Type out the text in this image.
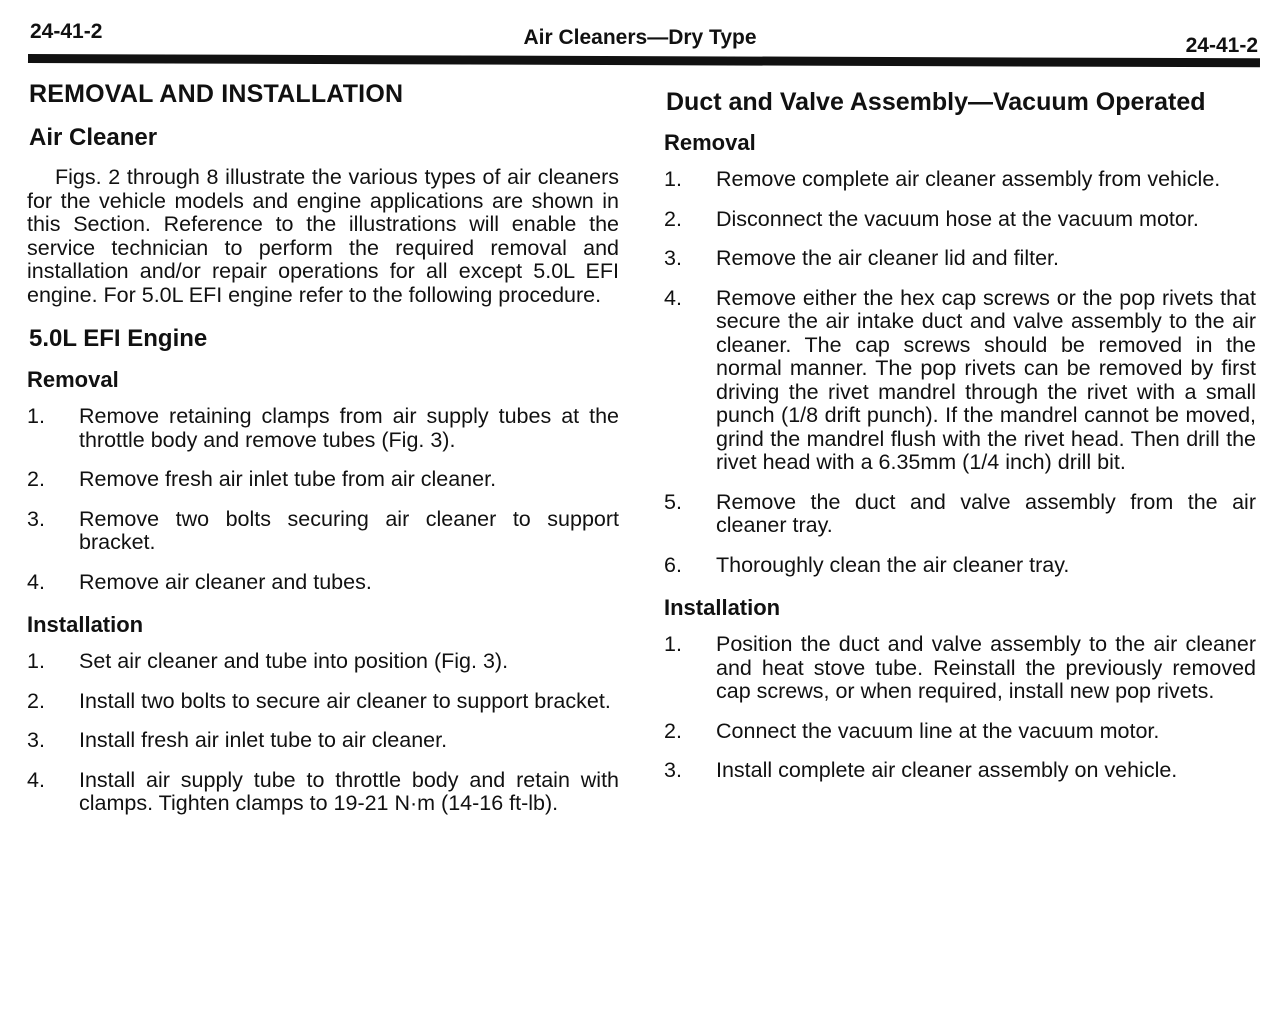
24-41-2	Air Cleaners—Dry Type	24-41-2
REMOVAL AND INSTALLATION
Air Cleaner

Figs. 2 through 8 illustrate the various types of air cleaners for the vehicle models and engine applications are shown in this Section. Reference to the illustrations will enable the service technician to perform the required removal and installation and/or repair operations for all except 5.0L EFI engine. For 5.0L EFI engine refer to the following procedure.

5.0L EFI Engine
Removal
1. Remove retaining clamps from air supply tubes at the throttle body and remove tubes (Fig. 3).
2. Remove fresh air inlet tube from air cleaner.
3. Remove two bolts securing air cleaner to support bracket.
4. Remove air cleaner and tubes.
Installation
1. Set air cleaner and tube into position (Fig. 3).
2. Install two bolts to secure air cleaner to support bracket.
3. Install fresh air inlet tube to air cleaner.
4. Install air supply tube to throttle body and retain with clamps. Tighten clamps to 19-21 N·m (14-16 ft-lb).
Duct and Valve Assembly—Vacuum Operated
Removal
1. Remove complete air cleaner assembly from vehicle.
2. Disconnect the vacuum hose at the vacuum motor.
3. Remove the air cleaner lid and filter.
4. Remove either the hex cap screws or the pop rivets that secure the air intake duct and valve assembly to the air cleaner. The cap screws should be removed in the normal manner. The pop rivets can be removed by first driving the rivet mandrel through the rivet with a small punch (1/8 drift punch). If the mandrel cannot be moved, grind the mandrel flush with the rivet head. Then drill the rivet head with a 6.35mm (1/4 inch) drill bit.
5. Remove the duct and valve assembly from the air cleaner tray.
6. Thoroughly clean the air cleaner tray.
Installation
1. Position the duct and valve assembly to the air cleaner and heat stove tube. Reinstall the previously removed cap screws, or when required, install new pop rivets.
2. Connect the vacuum line at the vacuum motor.
3. Install complete air cleaner assembly on vehicle.
